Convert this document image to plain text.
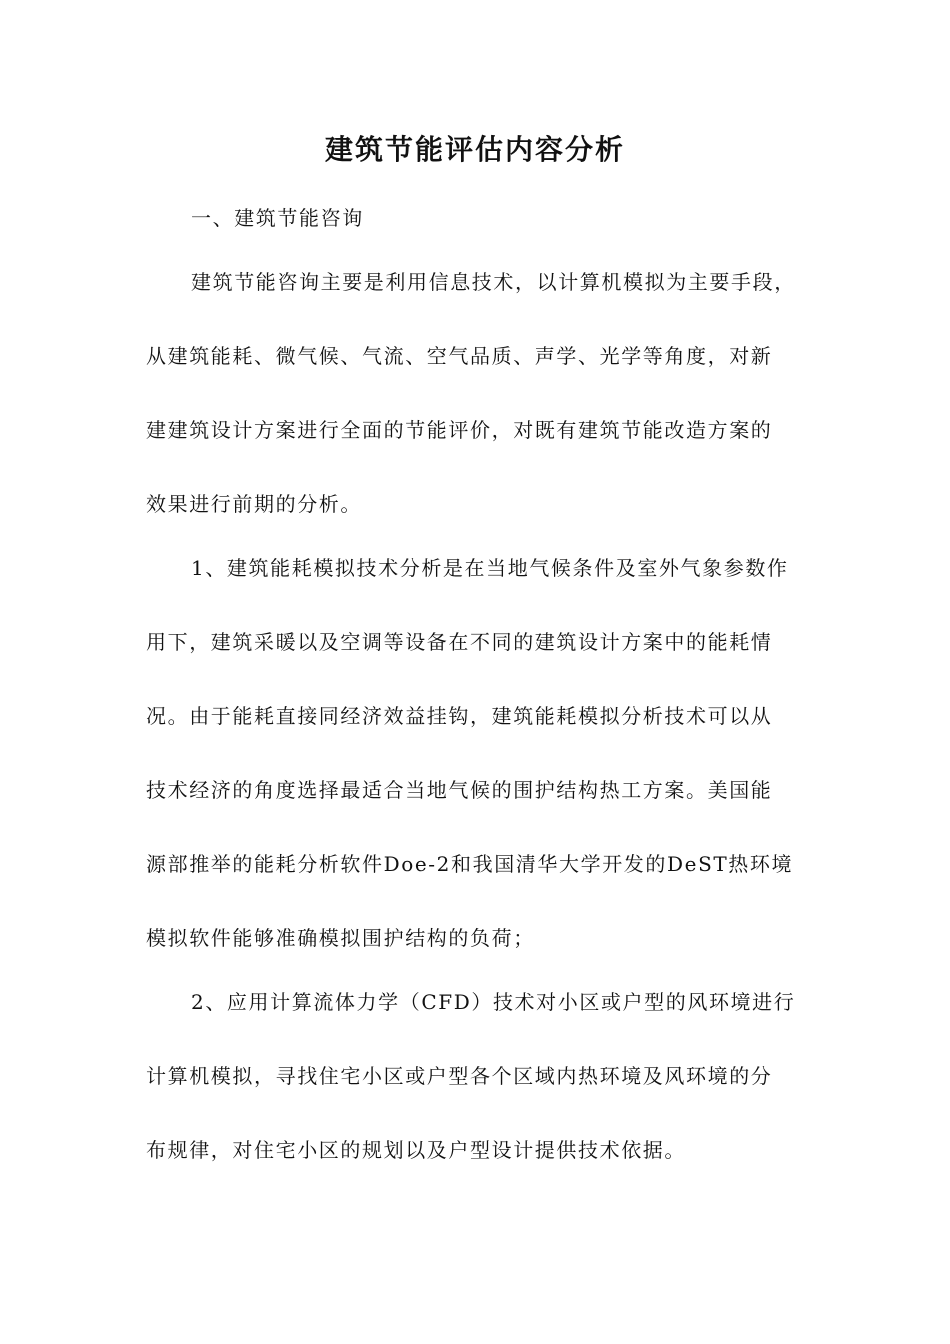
建筑节能评估内容分析
一、建筑节能咨询
建筑节能咨询主要是利用信息技术，以计算机模拟为主要手段，
从建筑能耗、微气候、气流、空气品质、声学、光学等角度，对新
建建筑设计方案进行全面的节能评价，对既有建筑节能改造方案的
效果进行前期的分析。
1、建筑能耗模拟技术分析是在当地气候条件及室外气象参数作
用下，建筑采暖以及空调等设备在不同的建筑设计方案中的能耗情
况。由于能耗直接同经济效益挂钩，建筑能耗模拟分析技术可以从
技术经济的角度选择最适合当地气候的围护结构热工方案。美国能
源部推举的能耗分析软件Doe-2和我国清华大学开发的DeST热环境
模拟软件能够准确模拟围护结构的负荷；
2、应用计算流体力学（CFD）技术对小区或户型的风环境进行
计算机模拟，寻找住宅小区或户型各个区域内热环境及风环境的分
布规律，对住宅小区的规划以及户型设计提供技术依据。
